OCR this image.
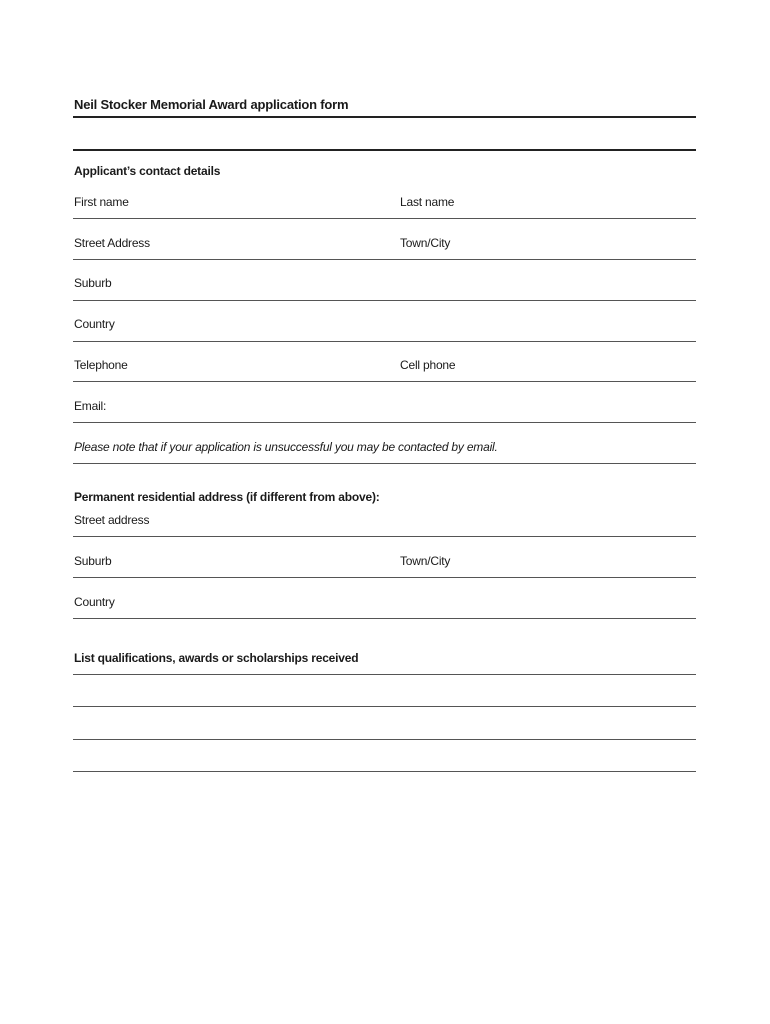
Neil Stocker Memorial Award application form
Applicant’s contact details
First name	Last name
Street Address	Town/City
Suburb
Country
Telephone	Cell phone
Email:
Please note that if your application is unsuccessful you may be contacted by email.
Permanent residential address (if different from above):
Street address
Suburb	Town/City
Country
List qualifications, awards or scholarships received
